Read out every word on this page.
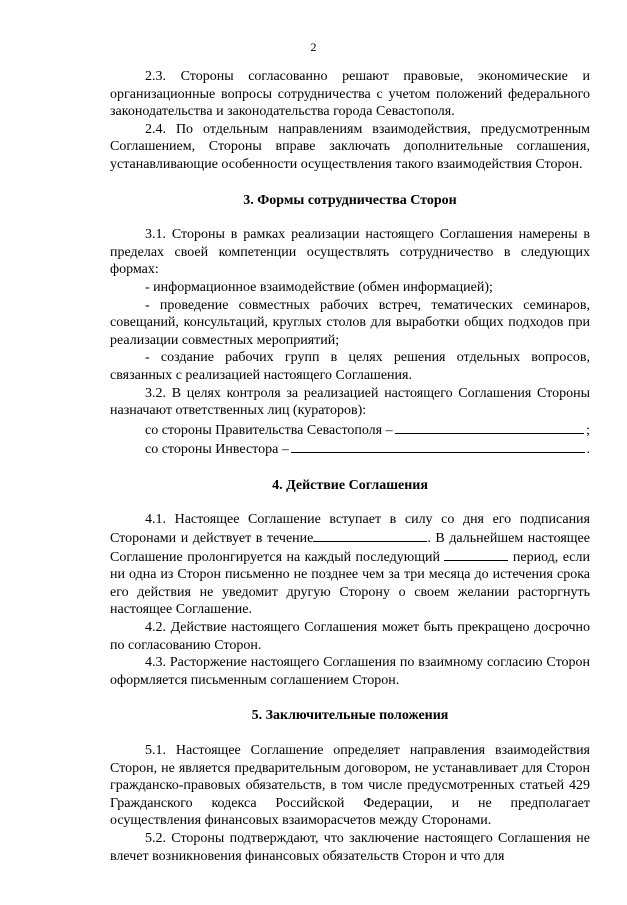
2

2.3. Стороны согласованно решают правовые, экономические и организационные вопросы сотрудничества с учетом положений федерального законодательства и законодательства города Севастополя.

2.4. По отдельным направлениям взаимодействия, предусмотренным Соглашением, Стороны вправе заключать дополнительные соглашения, устанавливающие особенности осуществления такого взаимодействия Сторон.

3. Формы сотрудничества Сторон

3.1. Стороны в рамках реализации настоящего Соглашения намерены в пределах своей компетенции осуществлять сотрудничество в следующих формах:

- информационное взаимодействие (обмен информацией);

- проведение совместных рабочих встреч, тематических семинаров, совещаний, консультаций, круглых столов для выработки общих подходов при реализации совместных мероприятий;

- создание рабочих групп в целях решения отдельных вопросов, связанных с реализацией настоящего Соглашения.

3.2. В целях контроля за реализацией настоящего Соглашения Стороны назначают ответственных лиц (кураторов):

со стороны Правительства Севастополя –	;
со стороны Инвестора –	.
4. Действие Соглашения

4.1. Настоящее Соглашение вступает в силу со дня его подписания Сторонами и действует в течение	. В дальнейшем настоящее Соглашение пролонгируется на каждый последующий	период, если ни одна из Сторон письменно не позднее чем за три месяца до истечения срока его действия не уведомит другую Сторону о своем желании расторгнуть настоящее Соглашение.

4.2. Действие настоящего Соглашения может быть прекращено досрочно по согласованию Сторон.

4.3. Расторжение настоящего Соглашения по взаимному согласию Сторон оформляется письменным соглашением Сторон.

5. Заключительные положения

5.1. Настоящее Соглашение определяет направления взаимодействия Сторон, не является предварительным договором, не устанавливает для Сторон гражданско-правовых обязательств, в том числе предусмотренных статьей 429 Гражданского кодекса Российской Федерации, и не предполагает осуществления финансовых взаиморасчетов между Сторонами.

5.2. Стороны подтверждают, что заключение настоящего Соглашения не влечет возникновения финансовых обязательств Сторон и что для
